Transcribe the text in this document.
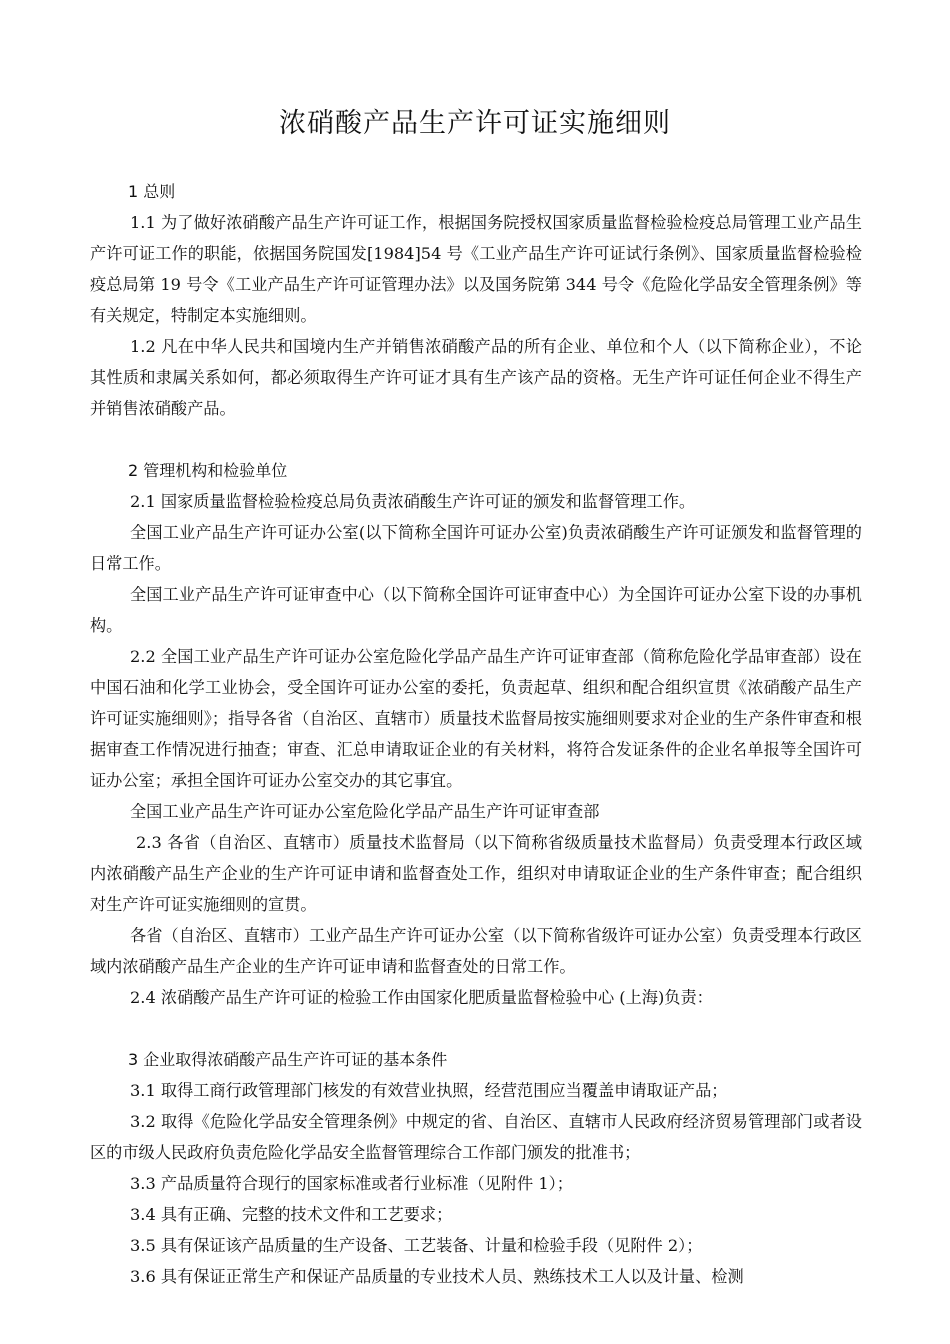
浓硝酸产品生产许可证实施细则

1 总则

1.1 为了做好浓硝酸产品生产许可证工作，根据国务院授权国家质量监督检验检疫总局管理工业产品生产许可证工作的职能，依据国务院国发[1984]54 号《工业产品生产许可证试行条例》、国家质量监督检验检疫总局第 19 号令《工业产品生产许可证管理办法》以及国务院第 344 号令《危险化学品安全管理条例》等有关规定，特制定本实施细则。

1.2 凡在中华人民共和国境内生产并销售浓硝酸产品的所有企业、单位和个人（以下简称企业），不论其性质和隶属关系如何，都必须取得生产许可证才具有生产该产品的资格。无生产许可证任何企业不得生产并销售浓硝酸产品。

2 管理机构和检验单位

2.1 国家质量监督检验检疫总局负责浓硝酸生产许可证的颁发和监督管理工作。

全国工业产品生产许可证办公室(以下简称全国许可证办公室)负责浓硝酸生产许可证颁发和监督管理的日常工作。

全国工业产品生产许可证审查中心（以下简称全国许可证审查中心）为全国许可证办公室下设的办事机构。

2.2 全国工业产品生产许可证办公室危险化学品产品生产许可证审查部（简称危险化学品审查部）设在中国石油和化学工业协会，受全国许可证办公室的委托，负责起草、组织和配合组织宣贯《浓硝酸产品生产许可证实施细则》；指导各省（自治区、直辖市）质量技术监督局按实施细则要求对企业的生产条件审查和根据审查工作情况进行抽查；审查、汇总申请取证企业的有关材料，将符合发证条件的企业名单报等全国许可证办公室；承担全国许可证办公室交办的其它事宜。

全国工业产品生产许可证办公室危险化学品产品生产许可证审查部

2.3 各省（自治区、直辖市）质量技术监督局（以下简称省级质量技术监督局）负责受理本行政区域内浓硝酸产品生产企业的生产许可证申请和监督查处工作，组织对申请取证企业的生产条件审查；配合组织对生产许可证实施细则的宣贯。

各省（自治区、直辖市）工业产品生产许可证办公室（以下简称省级许可证办公室）负责受理本行政区域内浓硝酸产品生产企业的生产许可证申请和监督查处的日常工作。

2.4 浓硝酸产品生产许可证的检验工作由国家化肥质量监督检验中心 (上海)负责：

3 企业取得浓硝酸产品生产许可证的基本条件

3.1 取得工商行政管理部门核发的有效营业执照，经营范围应当覆盖申请取证产品；

3.2 取得《危险化学品安全管理条例》中规定的省、自治区、直辖市人民政府经济贸易管理部门或者设区的市级人民政府负责危险化学品安全监督管理综合工作部门颁发的批准书；

3.3 产品质量符合现行的国家标准或者行业标准（见附件 1）；

3.4 具有正确、完整的技术文件和工艺要求；

3.5 具有保证该产品质量的生产设备、工艺装备、计量和检验手段（见附件 2）；

3.6 具有保证正常生产和保证产品质量的专业技术人员、熟练技术工人以及计量、检测
